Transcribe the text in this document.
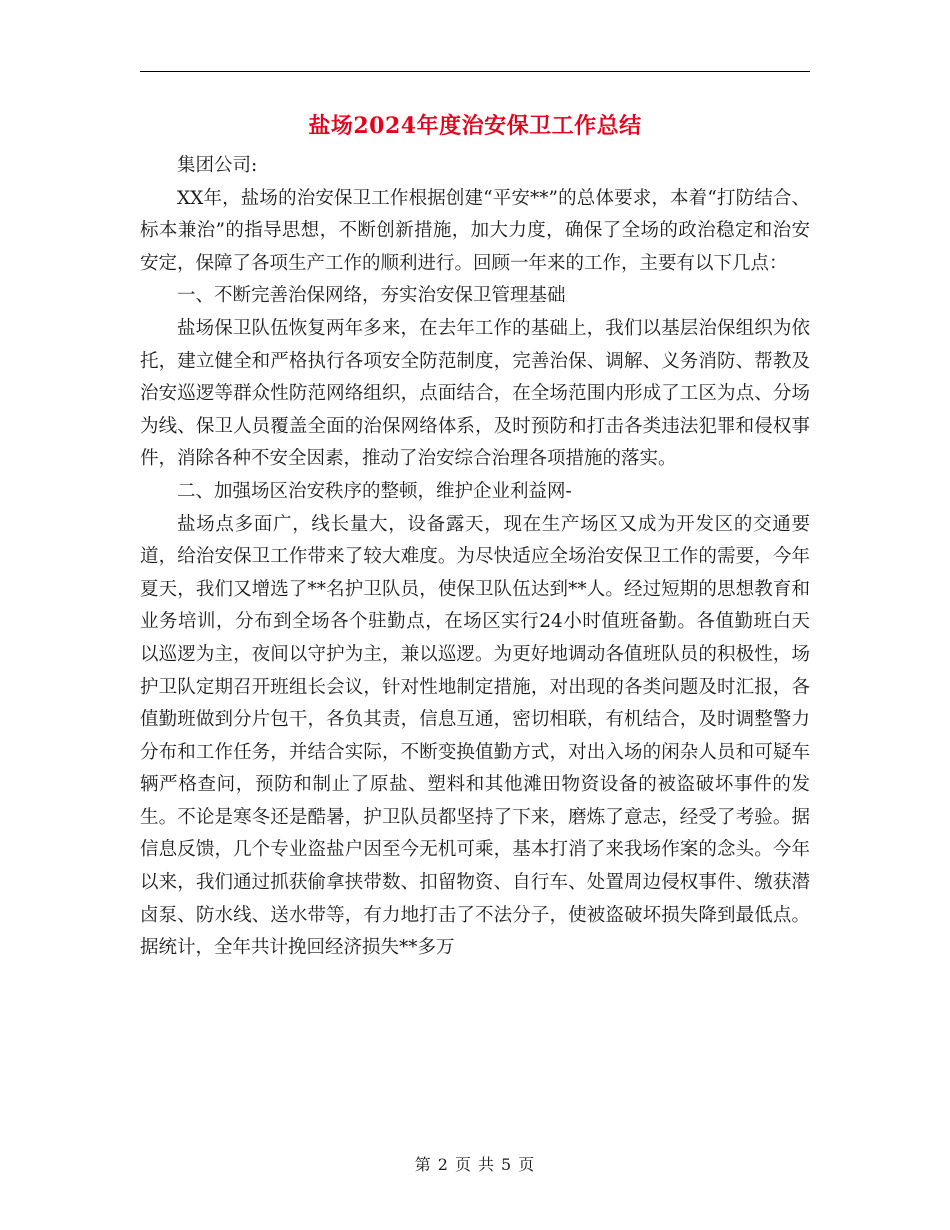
盐场2024年度治安保卫工作总结

集团公司:

XX年，盐场的治安保卫工作根据创建“平安**”的总体要求，本着“打防结合、标本兼治”的指导思想，不断创新措施，加大力度，确保了全场的政治稳定和治安安定，保障了各项生产工作的顺利进行。回顾一年来的工作，主要有以下几点：

一、不断完善治保网络，夯实治安保卫管理基础

盐场保卫队伍恢复两年多来，在去年工作的基础上，我们以基层治保组织为依托，建立健全和严格执行各项安全防范制度，完善治保、调解、义务消防、帮教及治安巡逻等群众性防范网络组织，点面结合，在全场范围内形成了工区为点、分场为线、保卫人员覆盖全面的治保网络体系，及时预防和打击各类违法犯罪和侵权事件，消除各种不安全因素，推动了治安综合治理各项措施的落实。

二、加强场区治安秩序的整顿，维护企业利益网-

盐场点多面广，线长量大，设备露天，现在生产场区又成为开发区的交通要道，给治安保卫工作带来了较大难度。为尽快适应全场治安保卫工作的需要，今年夏天，我们又增选了**名护卫队员，使保卫队伍达到**人。经过短期的思想教育和业务培训，分布到全场各个驻勤点，在场区实行24小时值班备勤。各值勤班白天以巡逻为主，夜间以守护为主，兼以巡逻。为更好地调动各值班队员的积极性，场护卫队定期召开班组长会议，针对性地制定措施，对出现的各类问题及时汇报，各值勤班做到分片包干，各负其责，信息互通，密切相联，有机结合，及时调整警力分布和工作任务，并结合实际，不断变换值勤方式，对出入场的闲杂人员和可疑车辆严格查问，预防和制止了原盐、塑料和其他滩田物资设备的被盗破坏事件的发生。不论是寒冬还是酷暑，护卫队员都坚持了下来，磨炼了意志，经受了考验。据信息反馈，几个专业盗盐户因至今无机可乘，基本打消了来我场作案的念头。今年以来，我们通过抓获偷拿挟带数、扣留物资、自行车、处置周边侵权事件、缴获潜卤泵、防水线、送水带等，有力地打击了不法分子，使被盗破坏损失降到最低点。据统计，全年共计挽回经济损失**多万

第 2 页 共 5 页
